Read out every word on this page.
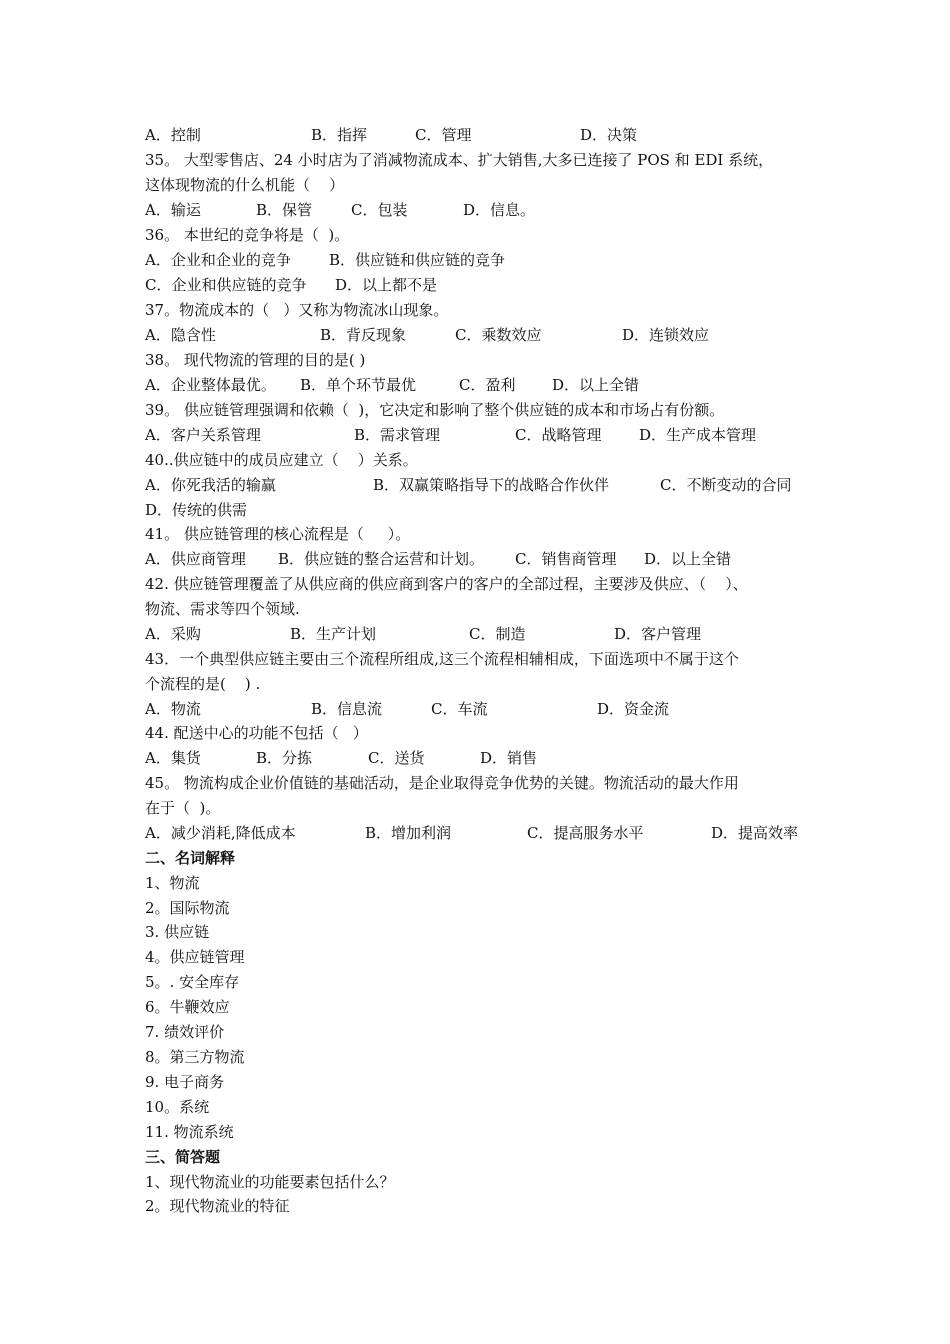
A．控制

	B．指挥

	C．管理

	D．决策

35。 大型零售店、24 小时店为了消减物流成本、扩大销售,大多已连接了 POS 和 EDI 系统，
这体现物流的什么机能（    ）

A．输运

	B．保管

	C．包装

	D．信息。

36。 本世纪的竞争将是（  )。

A．企业和企业的竞争

	B．供应链和供应链的竞争

C．企业和供应链的竞争

D．以上都不是

37。物流成本的（   ）又称为物流冰山现象。

A．隐含性

	B．背反现象

	C．乘数效应

	D．连锁效应

38。 现代物流的管理的目的是( )

A．企业整体最优。

B．单个环节最优

	C．盈利

D．以上全错

39。 供应链管理强调和依赖（  )，它决定和影响了整个供应链的成本和市场占有份额。

A．客户关系管理

	B．需求管理

	C．战略管理

	D．生产成本管理

40..供应链中的成员应建立（    ）关系。

A．你死我活的输赢

	B．双赢策略指导下的战略合作伙伴

	C．不断变动的合同

D．传统的供需

41。 供应链管理的核心流程是（     ）。

A．供应商管理

B．供应链的整合运营和计划。

C．销售商管理

D．以上全错

42. 供应链管理覆盖了从供应商的供应商到客户的客户的全部过程，主要涉及供应、（    ）、
物流、需求等四个领域.

A．采购

	B．生产计划

	C．制造

	D．客户管理

43．一个典型供应链主要由三个流程所组成,这三个流程相辅相成，下面选项中不属于这个
个流程的是(    ) .

A．物流

	B．信息流

	C．车流

	D．资金流

44. 配送中心的功能不包括（   ）

A．集货

	B．分拣

	C．送货

	D．销售

45。 物流构成企业价值链的基础活动，是企业取得竞争优势的关键。物流活动的最大作用
在于（  )。

A．减少消耗,降低成本

	B．增加利润

	C．提高服务水平

	D．提高效率

二、名词解释
1、物流
2。国际物流
3. 供应链
4。供应链管理
5。. 安全库存
6。牛鞭效应
7. 绩效评价
8。第三方物流
9. 电子商务
10。系统
11. 物流系统
三、简答题
1、现代物流业的功能要素包括什么？
2。现代物流业的特征
